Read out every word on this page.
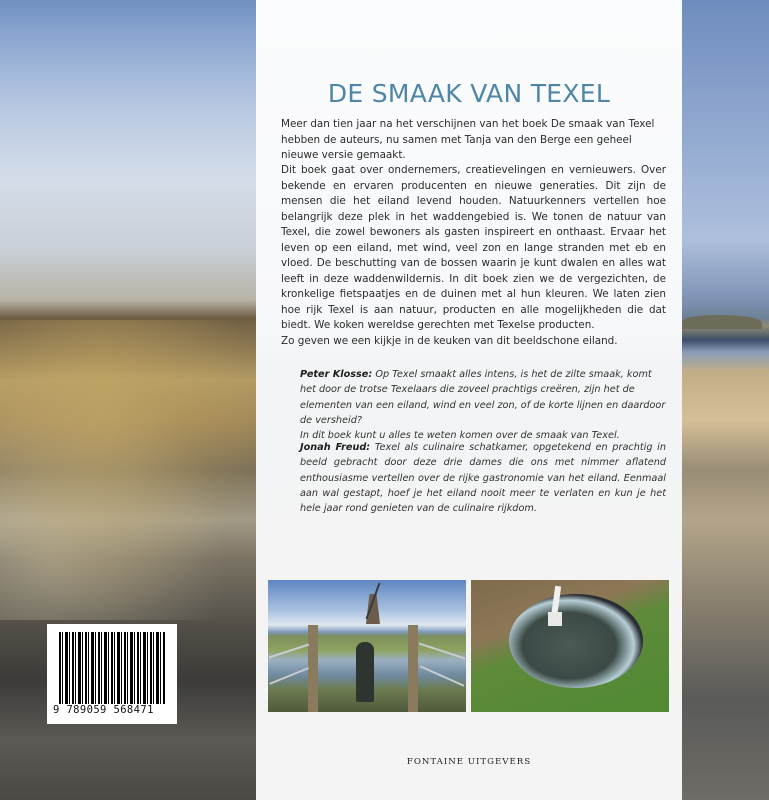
DE SMAAK VAN TEXEL
Meer dan tien jaar na het verschijnen van het boek De smaak van Texel hebben de auteurs, nu samen met Tanja van den Berge een geheel nieuwe versie gemaakt.

Dit boek gaat over ondernemers, creatievelingen en vernieuwers. Over bekende en ervaren producenten en nieuwe generaties. Dit zijn de mensen die het eiland levend houden. Natuurkenners vertellen hoe belangrijk deze plek in het waddengebied is. We tonen de natuur van Texel, die zowel bewoners als gasten inspireert en onthaast. Ervaar het leven op een eiland, met wind, veel zon en lange stranden met eb en vloed. De beschutting van de bossen waarin je kunt dwalen en alles wat leeft in deze waddenwildernis. In dit boek zien we de vergezichten, de kronkelige fietspaatjes en de duinen met al hun kleuren. We laten zien hoe rijk Texel is aan natuur, producten en alle mogelijkheden die dat biedt. We koken wereldse gerechten met Texelse producten.

Zo geven we een kijkje in de keuken van dit beeldschone eiland.

Peter Klosse: Op Texel smaakt alles intens, is het de zilte smaak, komt het door de trotse Texelaars die zoveel prachtigs creëren, zijn het de elementen van een eiland, wind en veel zon, of de korte lijnen en daardoor de versheid?
In dit boek kunt u alles te weten komen over de smaak van Texel.
Jonah Freud: Texel als culinaire schatkamer, opgetekend en prachtig in beeld gebracht door deze drie dames die ons met nimmer aflatend enthousiasme vertellen over de rijke gastronomie van het eiland. Eenmaal aan wal gestapt, hoef je het eiland nooit meer te verlaten en kun je het hele jaar rond genieten van de culinaire rijkdom.
FONTAINE UITGEVERS
9 789059 568471
